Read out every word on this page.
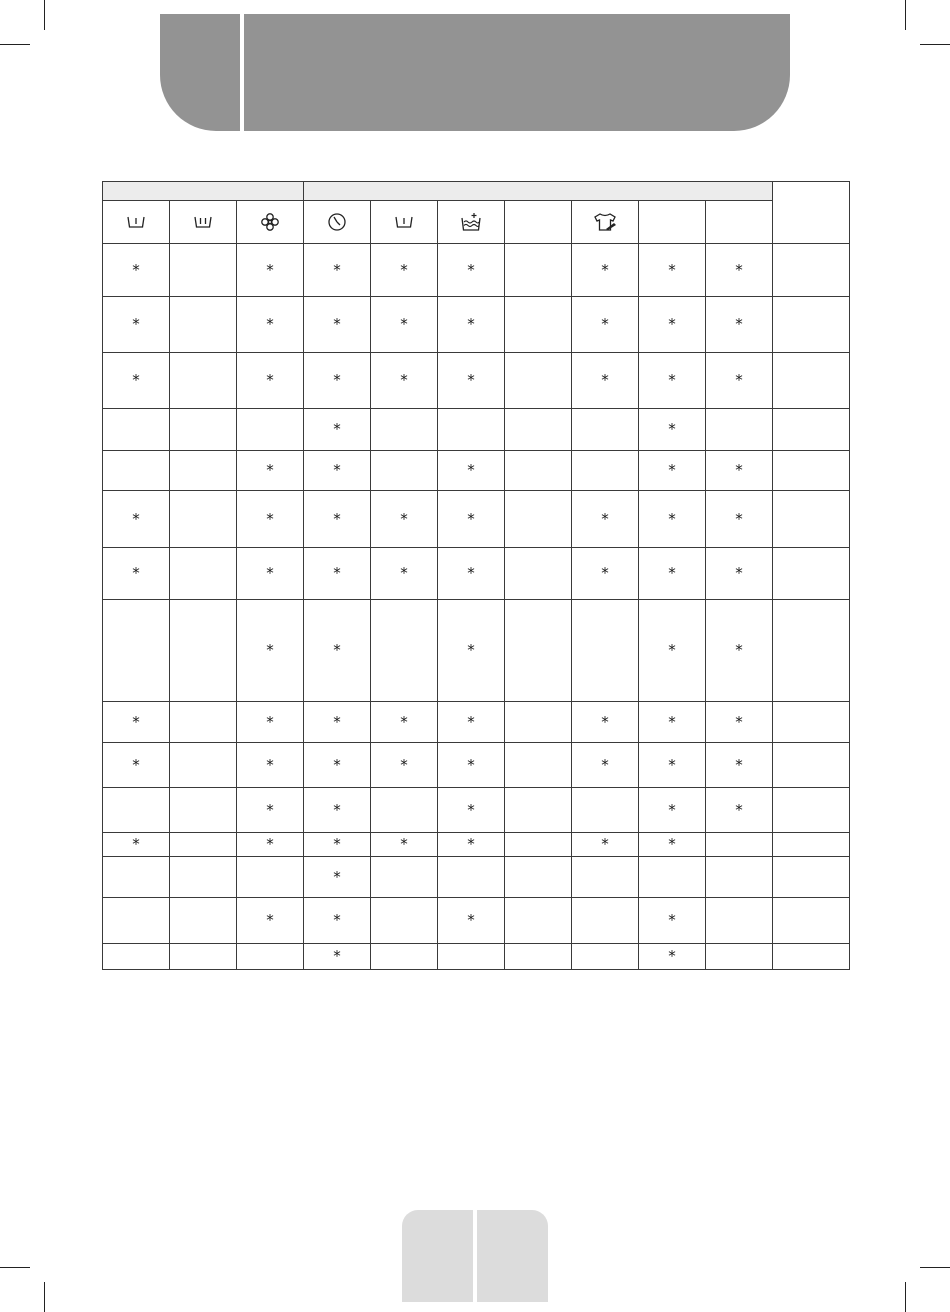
*		*	*	*	*		*	*	*	
*		*	*	*	*		*	*	*	
*		*	*	*	*		*	*	*	
			*					*		
		*	*		*			*	*	
*		*	*	*	*		*	*	*	
*		*	*	*	*		*	*	*	
		*	*		*			*	*	
*		*	*	*	*		*	*	*	
*		*	*	*	*		*	*	*	
		*	*		*			*	*	
*		*	*	*	*		*	*		
			*							
		*	*		*			*		
			*					*		
